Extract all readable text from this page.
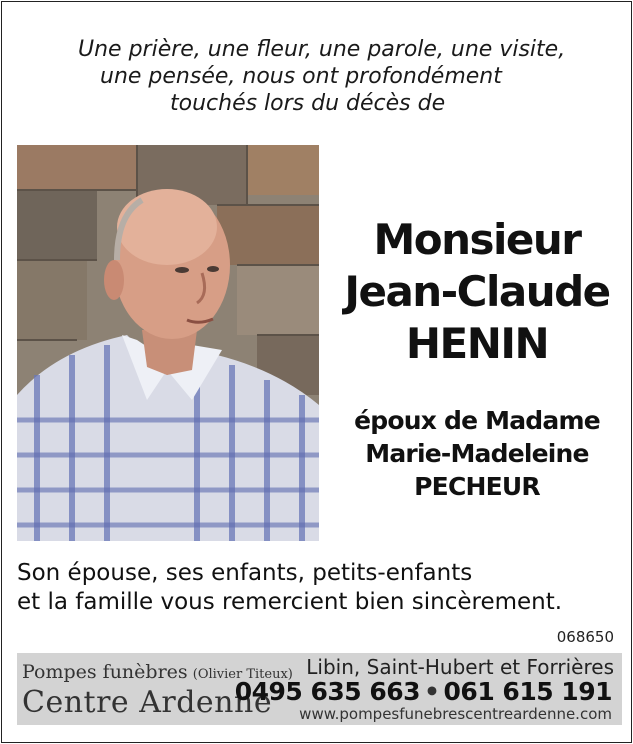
Une prière, une fleur, une parole, une visite,
une pensée, nous ont profondément
touchés lors du décès de
Monsieur
Jean-Claude
HENIN
époux de Madame
Marie-Madeleine
PECHEUR
Son épouse, ses enfants, petits-enfants
et la famille vous remercient bien sincèrement.
068650
Pompes funèbres (Olivier Titeux)
Centre Ardenne
Libin, Saint-Hubert et Forrières
0495 635 663 • 061 615 191
www.pompesfunebrescentreardenne.com
